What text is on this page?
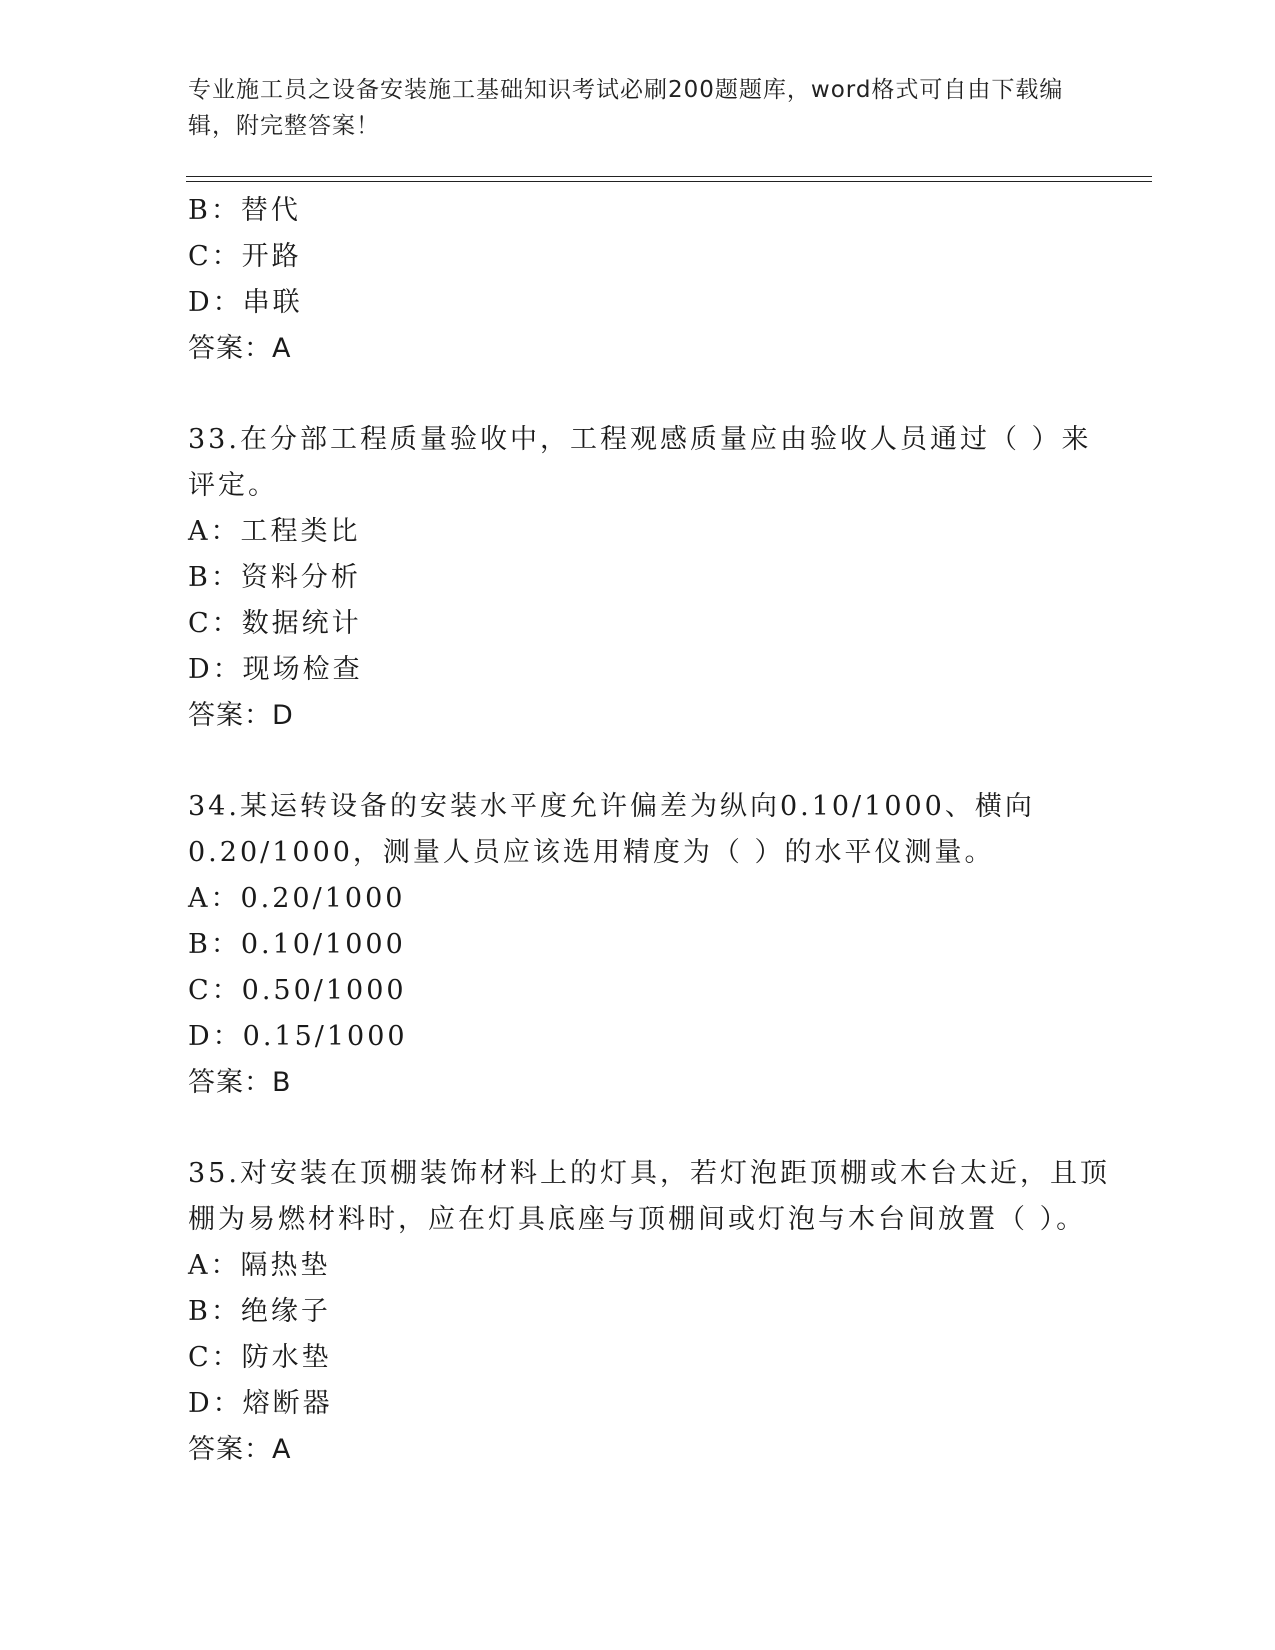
专业施工员之设备安装施工基础知识考试必刷200题题库，word格式可自由下载编辑，附完整答案！
B：替代
C：开路
D：串联
答案：A
33.在分部工程质量验收中，工程观感质量应由验收人员通过（ ）来
评定。
A：工程类比
B：资料分析
C：数据统计
D：现场检查
答案：D
34.某运转设备的安装水平度允许偏差为纵向0.10/1000、横向
0.20/1000，测量人员应该选用精度为（ ）的水平仪测量。
A：0.20/1000
B：0.10/1000
C：0.50/1000
D：0.15/1000
答案：B
35.对安装在顶棚装饰材料上的灯具，若灯泡距顶棚或木台太近，且顶
棚为易燃材料时，应在灯具底座与顶棚间或灯泡与木台间放置（ ）。
A：隔热垫
B：绝缘子
C：防水垫
D：熔断器
答案：A
